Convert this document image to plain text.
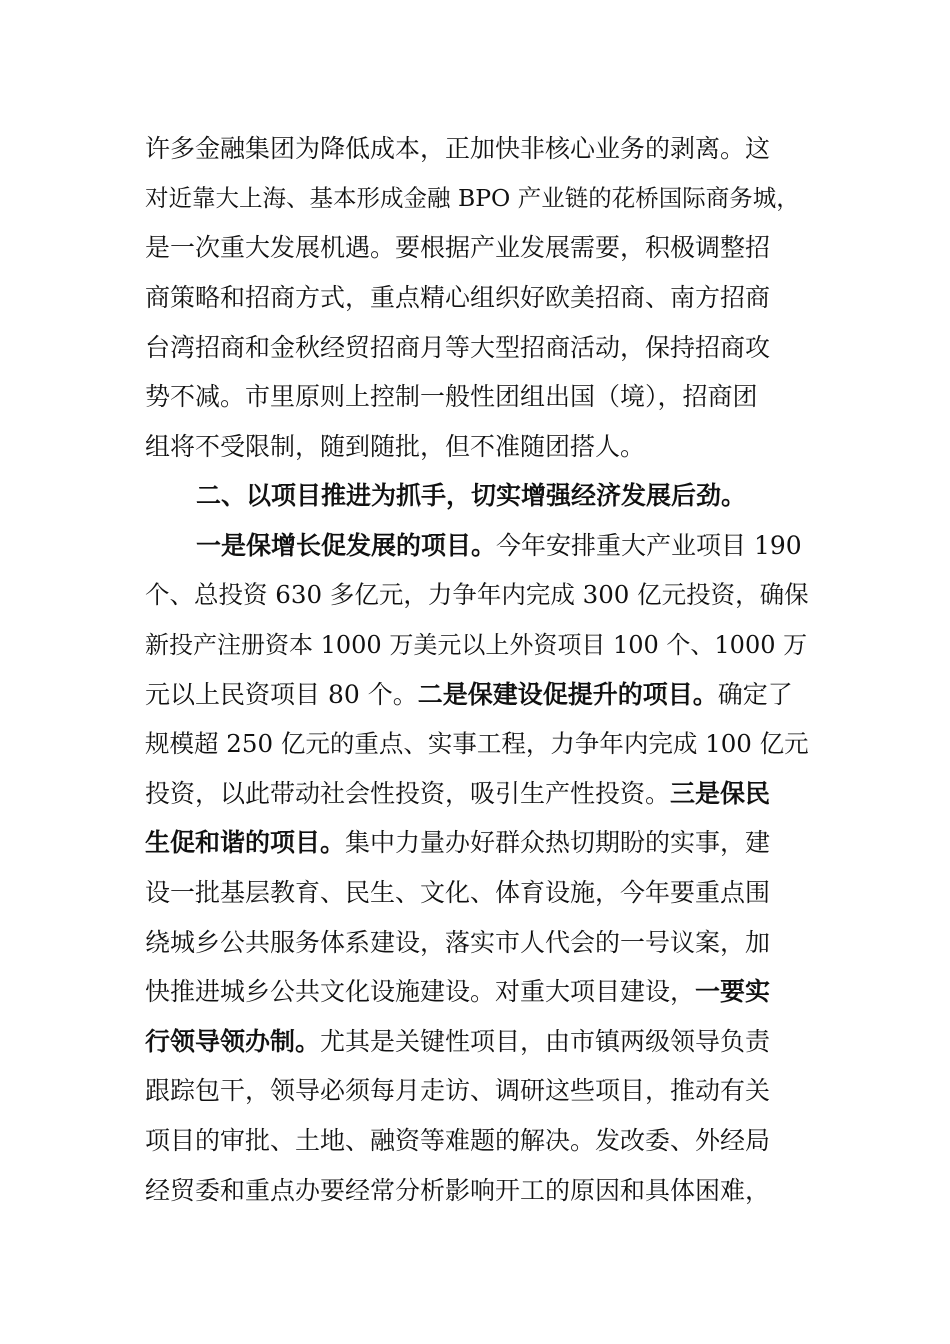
许多金融集团为降低成本，正加快非核心业务的剥离。这
对近靠大上海、基本形成金融 BPO 产业链的花桥国际商务城，
是一次重大发展机遇。要根据产业发展需要，积极调整招
商策略和招商方式，重点精心组织好欧美招商、南方招商
台湾招商和金秋经贸招商月等大型招商活动，保持招商攻
势不减。市里原则上控制一般性团组出国（境），招商团
组将不受限制，随到随批，但不准随团搭人。
二、以项目推进为抓手，切实增强经济发展后劲。
一是保增长促发展的项目。今年安排重大产业项目 190
个、总投资 630 多亿元，力争年内完成 300 亿元投资，确保
新投产注册资本 1000 万美元以上外资项目 100 个、1000 万
元以上民资项目 80 个。二是保建设促提升的项目。确定了
规模超 250 亿元的重点、实事工程，力争年内完成 100 亿元
投资，以此带动社会性投资，吸引生产性投资。三是保民
生促和谐的项目。集中力量办好群众热切期盼的实事，建
设一批基层教育、民生、文化、体育设施，今年要重点围
绕城乡公共服务体系建设，落实市人代会的一号议案，加
快推进城乡公共文化设施建设。对重大项目建设，一要实
行领导领办制。尤其是关键性项目，由市镇两级领导负责
跟踪包干，领导必须每月走访、调研这些项目，推动有关
项目的审批、土地、融资等难题的解决。发改委、外经局
经贸委和重点办要经常分析影响开工的原因和具体困难，
